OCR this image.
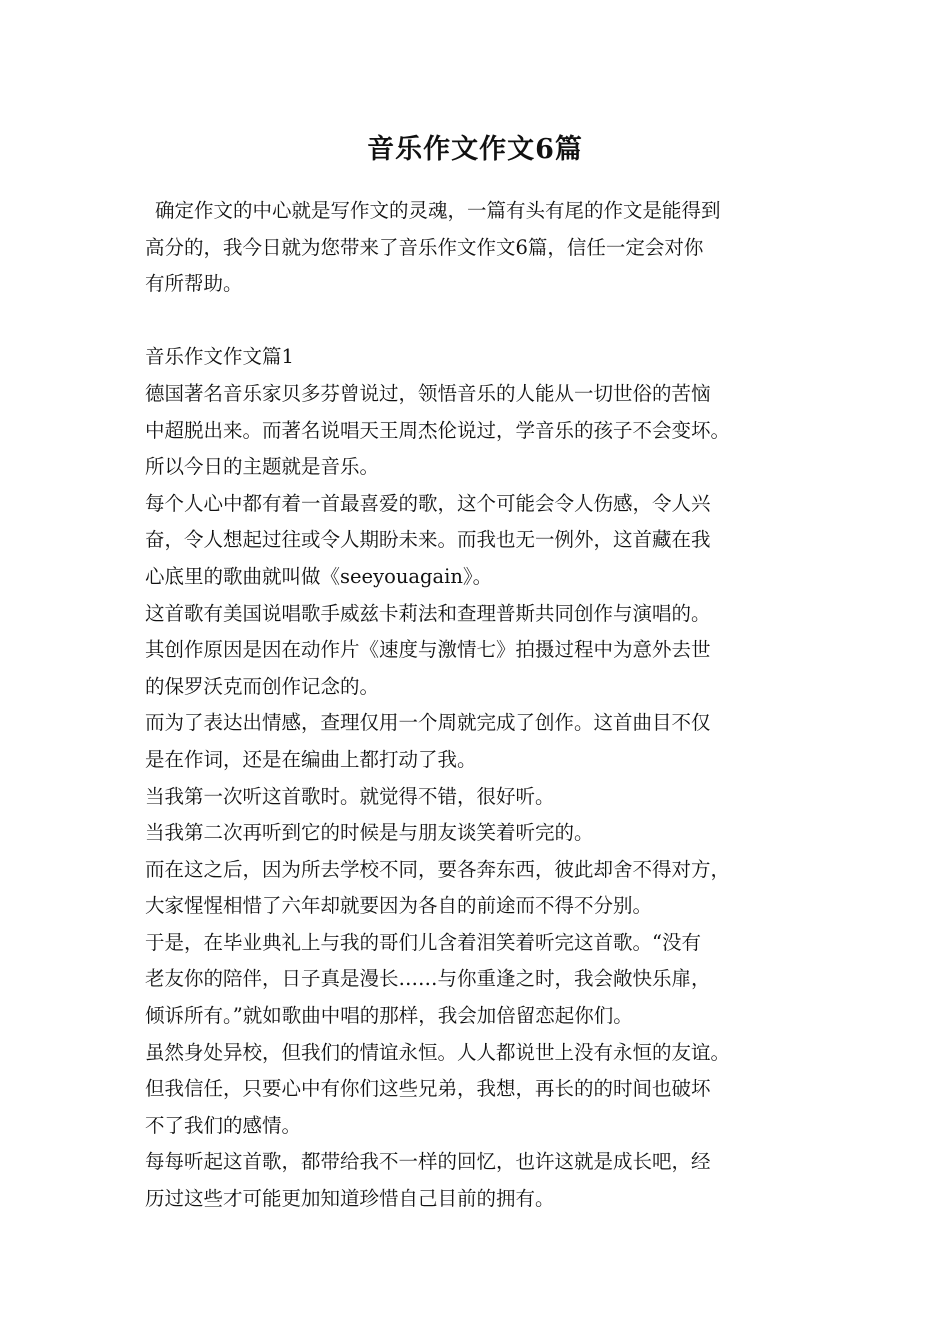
音乐作文作文6篇
确定作文的中心就是写作文的灵魂，一篇有头有尾的作文是能得到
高分的，我今日就为您带来了音乐作文作文6篇，信任一定会对你
有所帮助。
音乐作文作文篇1
德国著名音乐家贝多芬曾说过，领悟音乐的人能从一切世俗的苦恼
中超脱出来。而著名说唱天王周杰伦说过，学音乐的孩子不会变坏。
所以今日的主题就是音乐。
每个人心中都有着一首最喜爱的歌，这个可能会令人伤感，令人兴
奋，令人想起过往或令人期盼未来。而我也无一例外，这首藏在我
心底里的歌曲就叫做《seeyouagain》。
这首歌有美国说唱歌手威兹卡莉法和查理普斯共同创作与演唱的。
其创作原因是因在动作片《速度与激情七》拍摄过程中为意外去世
的保罗沃克而创作记念的。
而为了表达出情感，查理仅用一个周就完成了创作。这首曲目不仅
是在作词，还是在编曲上都打动了我。
当我第一次听这首歌时。就觉得不错，很好听。
当我第二次再听到它的时候是与朋友谈笑着听完的。
而在这之后，因为所去学校不同，要各奔东西，彼此却舍不得对方，
大家惺惺相惜了六年却就要因为各自的前途而不得不分别。
于是，在毕业典礼上与我的哥们儿含着泪笑着听完这首歌。“没有
老友你的陪伴，日子真是漫长……与你重逢之时，我会敞快乐扉，
倾诉所有。”就如歌曲中唱的那样，我会加倍留恋起你们。
虽然身处异校，但我们的情谊永恒。人人都说世上没有永恒的友谊。
但我信任，只要心中有你们这些兄弟，我想，再长的的时间也破坏
不了我们的感情。
每每听起这首歌，都带给我不一样的回忆，也许这就是成长吧，经
历过这些才可能更加知道珍惜自己目前的拥有。
